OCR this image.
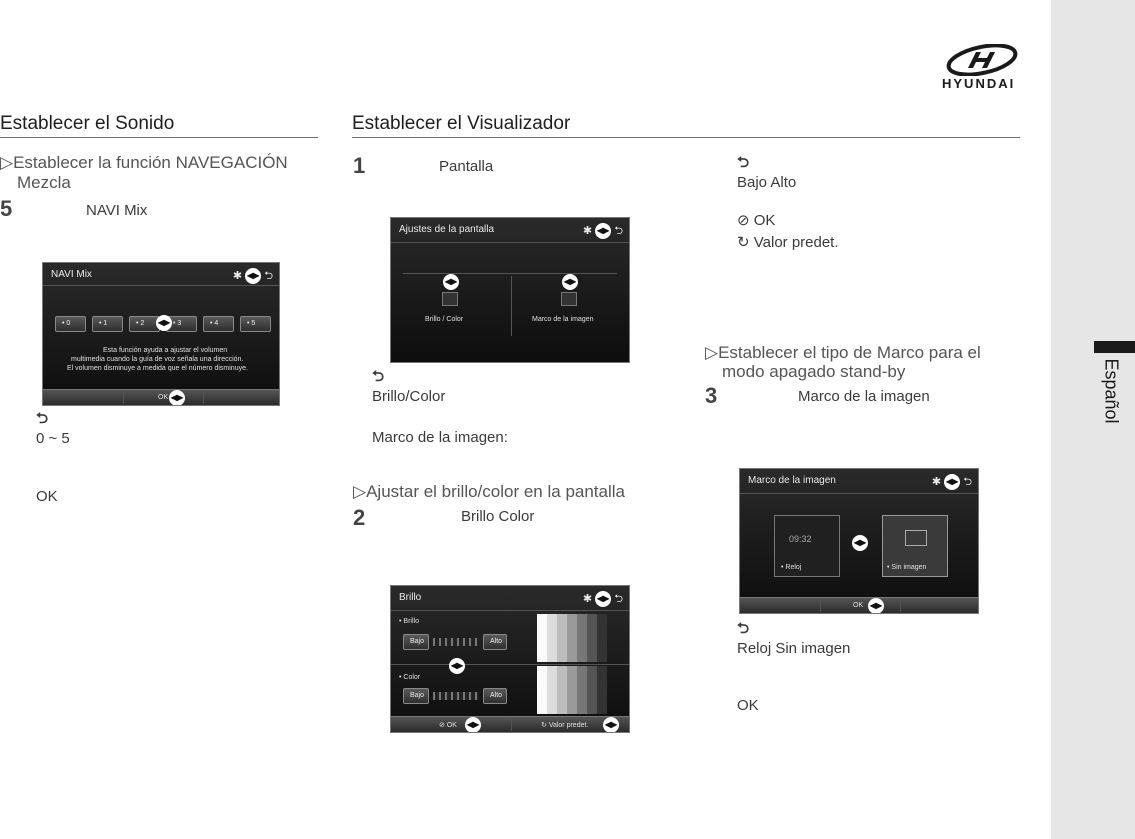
Español
HYUNDAI
Establecer el Sonido
▷Establecer la función NAVEGACIÓN
Mezcla
5	NAVI Mix
NAVI Mix	✱ ◀▶ ⮌
• 0	• 1	• 2	• 3	• 4	• 5
◀▶
Esta función ayuda a ajustar el volumen
multimedia cuando la guía de voz señala una dirección.
El volumen disminuye a medida que el número disminuye.
OK ◀▶
⮌
0 ~ 5
OK
Establecer el Visualizador
1	Pantalla
Ajustes de la pantalla	✱ ◀▶ ⮌
◀▶	◀▶
Brillo / Color	Marco de la imagen
⮌
Brillo/Color
Marco de la imagen:
▷Ajustar el brillo/color en la pantalla
2	Brillo Color
Brillo	✱ ◀▶ ⮌
• Brillo
Bajo	Alto
◀▶
• Color
Bajo	Alto
⊘ OK ◀▶	↻ Valor predet. ◀▶
⮌
Bajo Alto
⊘ OK
↻ Valor predet.
▷Establecer el tipo de Marco para el
modo apagado stand-by
3	Marco de la imagen
Marco de la imagen	✱ ◀▶ ⮌
09:32
• Reloj
◀▶
• Sin imagen
OK ◀▶
⮌
Reloj Sin imagen
OK
